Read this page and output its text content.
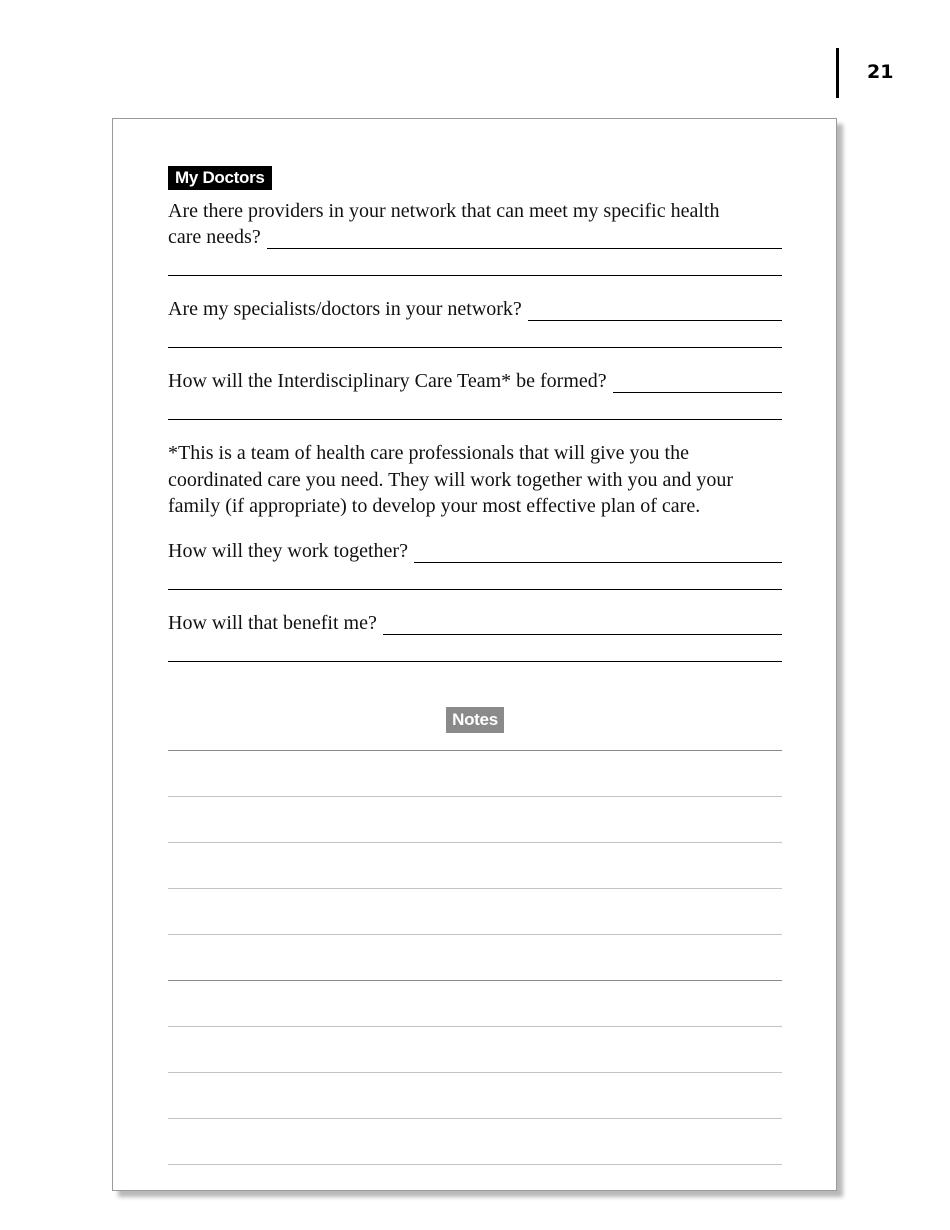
21
My Doctors

Are there providers in your network that can meet my specific health

care needs?
Are my specialists/doctors in your network?
How will the Interdisciplinary Care Team* be formed?

*This is a team of health care professionals that will give you the coordinated care you need. They will work together with you and your family (if appropriate) to develop your most effective plan of care.

How will they work together?
How will that benefit me?
Notes
